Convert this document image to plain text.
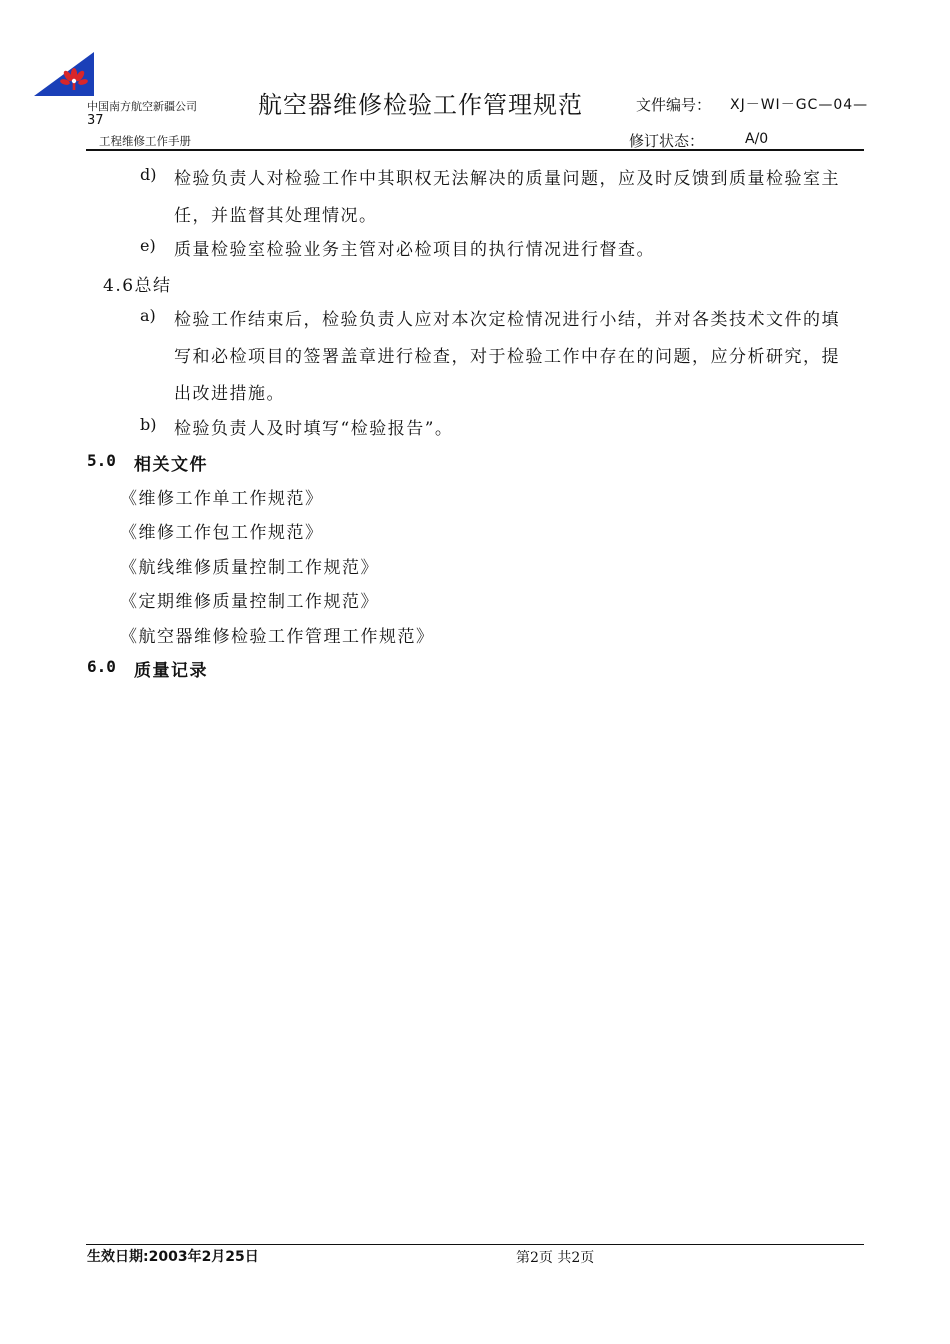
中国南方航空新疆公司
37
航空器维修检验工作管理规范	文件编号： XJ－WI－GC—04—
工程维修工作手册	修订状态：	A/0
d) 检验负责人对检验工作中其职权无法解决的质量问题，应及时反馈到质量检验室主
任，并监督其处理情况。
e) 质量检验室检验业务主管对必检项目的执行情况进行督查。
4.6总结
a) 检验工作结束后，检验负责人应对本次定检情况进行小结，并对各类技术文件的填
写和必检项目的签署盖章进行检查，对于检验工作中存在的问题，应分析研究，提
出改进措施。
b) 检验负责人及时填写“检验报告”。
5.0 相关文件
《维修工作单工作规范》
《维修工作包工作规范》
《航线维修质量控制工作规范》
《定期维修质量控制工作规范》
《航空器维修检验工作管理工作规范》
6.0 质量记录
生效日期:2003年2月25日	第2页 共2页
